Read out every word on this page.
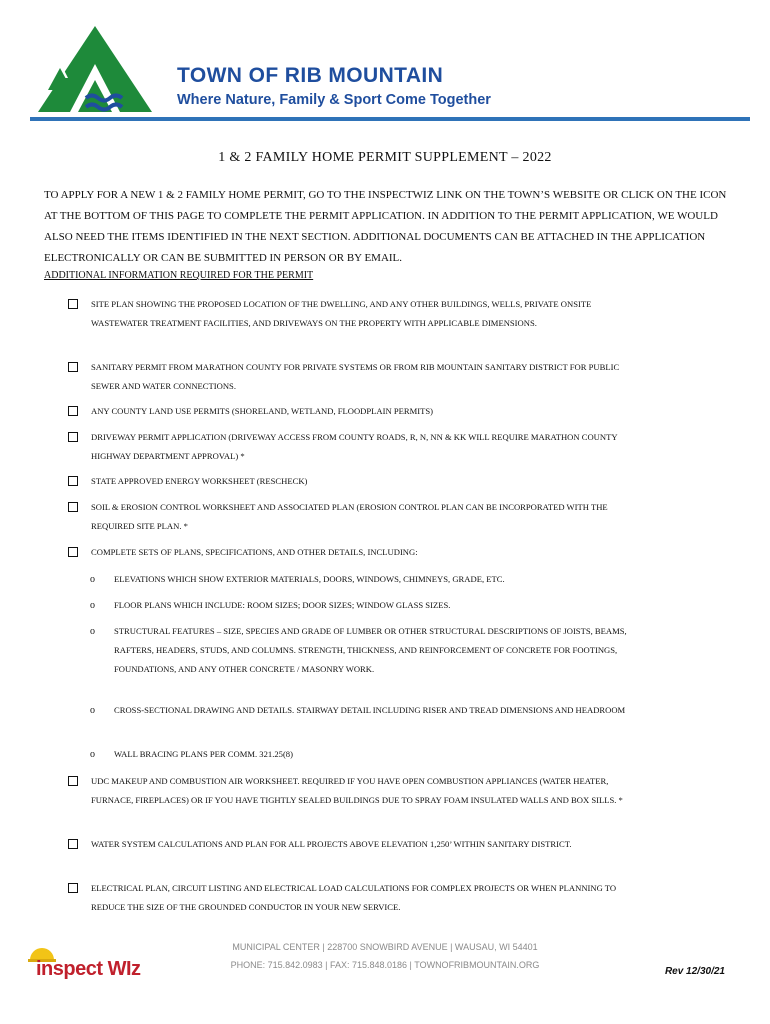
TOWN OF RIB MOUNTAIN
Where Nature, Family & Sport Come Together
1 & 2 FAMILY HOME PERMIT SUPPLEMENT – 2022
TO APPLY FOR A NEW 1 & 2 FAMILY HOME PERMIT, GO TO THE INSPECTWIZ LINK ON THE TOWN’S WEBSITE OR CLICK ON THE ICON AT THE BOTTOM OF THIS PAGE TO COMPLETE THE PERMIT APPLICATION. IN ADDITION TO THE PERMIT APPLICATION, WE WOULD ALSO NEED THE ITEMS IDENTIFIED IN THE NEXT SECTION. ADDITIONAL DOCUMENTS CAN BE ATTACHED IN THE APPLICATION ELECTRONICALLY OR CAN BE SUBMITTED IN PERSON OR BY EMAIL.
ADDITIONAL INFORMATION REQUIRED FOR THE PERMIT
SITE PLAN SHOWING THE PROPOSED LOCATION OF THE DWELLING, AND ANY OTHER BUILDINGS, WELLS, PRIVATE ONSITE WASTEWATER TREATMENT FACILITIES, AND DRIVEWAYS ON THE PROPERTY WITH APPLICABLE DIMENSIONS.
SANITARY PERMIT FROM MARATHON COUNTY FOR PRIVATE SYSTEMS OR FROM RIB MOUNTAIN SANITARY DISTRICT FOR PUBLIC SEWER AND WATER CONNECTIONS.
ANY COUNTY LAND USE PERMITS (SHORELAND, WETLAND, FLOODPLAIN PERMITS)
DRIVEWAY PERMIT APPLICATION (DRIVEWAY ACCESS FROM COUNTY ROADS, R, N, NN & KK WILL REQUIRE MARATHON COUNTY HIGHWAY DEPARTMENT APPROVAL) *
STATE APPROVED ENERGY WORKSHEET (RESCHECK)
SOIL & EROSION CONTROL WORKSHEET AND ASSOCIATED PLAN (EROSION CONTROL PLAN CAN BE INCORPORATED WITH THE REQUIRED SITE PLAN. *
COMPLETE SETS OF PLANS, SPECIFICATIONS, AND OTHER DETAILS, INCLUDING:
o	ELEVATIONS WHICH SHOW EXTERIOR MATERIALS, DOORS, WINDOWS, CHIMNEYS, GRADE, ETC.
o	FLOOR PLANS WHICH INCLUDE: ROOM SIZES; DOOR SIZES; WINDOW GLASS SIZES.
o	STRUCTURAL FEATURES – SIZE, SPECIES AND GRADE OF LUMBER OR OTHER STRUCTURAL DESCRIPTIONS OF JOISTS, BEAMS, RAFTERS, HEADERS, STUDS, AND COLUMNS. STRENGTH, THICKNESS, AND REINFORCEMENT OF CONCRETE FOR FOOTINGS, FOUNDATIONS, AND ANY OTHER CONCRETE / MASONRY WORK.
o	CROSS-SECTIONAL DRAWING AND DETAILS. STAIRWAY DETAIL INCLUDING RISER AND TREAD DIMENSIONS AND HEADROOM
o	WALL BRACING PLANS PER COMM. 321.25(8)
UDC MAKEUP AND COMBUSTION AIR WORKSHEET. REQUIRED IF YOU HAVE OPEN COMBUSTION APPLIANCES (WATER HEATER, FURNACE, FIREPLACES) OR IF YOU HAVE TIGHTLY SEALED BUILDINGS DUE TO SPRAY FOAM INSULATED WALLS AND BOX SILLS. *
WATER SYSTEM CALCULATIONS AND PLAN FOR ALL PROJECTS ABOVE ELEVATION 1,250’ WITHIN SANITARY DISTRICT.
ELECTRICAL PLAN, CIRCUIT LISTING AND ELECTRICAL LOAD CALCULATIONS FOR COMPLEX PROJECTS OR WHEN PLANNING TO REDUCE THE SIZE OF THE GROUNDED CONDUCTOR IN YOUR NEW SERVICE.
inspect WIz
MUNICIPAL CENTER | 228700 SNOWBIRD AVENUE | WAUSAU, WI 54401
PHONE: 715.842.0983 | FAX: 715.848.0186 | TOWNOFRIBMOUNTAIN.ORG
Rev 12/30/21
